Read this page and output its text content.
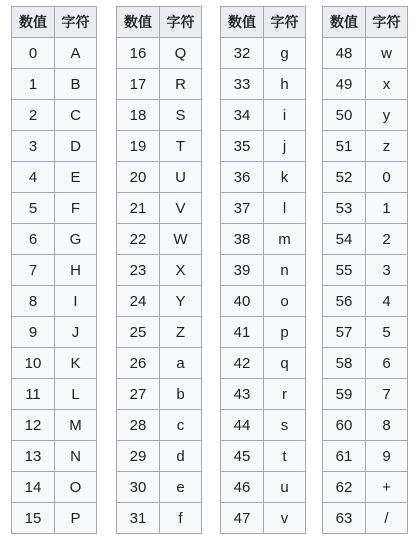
数值	字符
0	A
1	B
2	C
3	D
4	E
5	F
6	G
7	H
8	I
9	J
10	K
11	L
12	M
13	N
14	O
15	P
数值	字符
16	Q
17	R
18	S
19	T
20	U
21	V
22	W
23	X
24	Y
25	Z
26	a
27	b
28	c
29	d
30	e
31	f
数值	字符
32	g
33	h
34	i
35	j
36	k
37	l
38	m
39	n
40	o
41	p
42	q
43	r
44	s
45	t
46	u
47	v
数值	字符
48	w
49	x
50	y
51	z
52	0
53	1
54	2
55	3
56	4
57	5
58	6
59	7
60	8
61	9
62	+
63	/
